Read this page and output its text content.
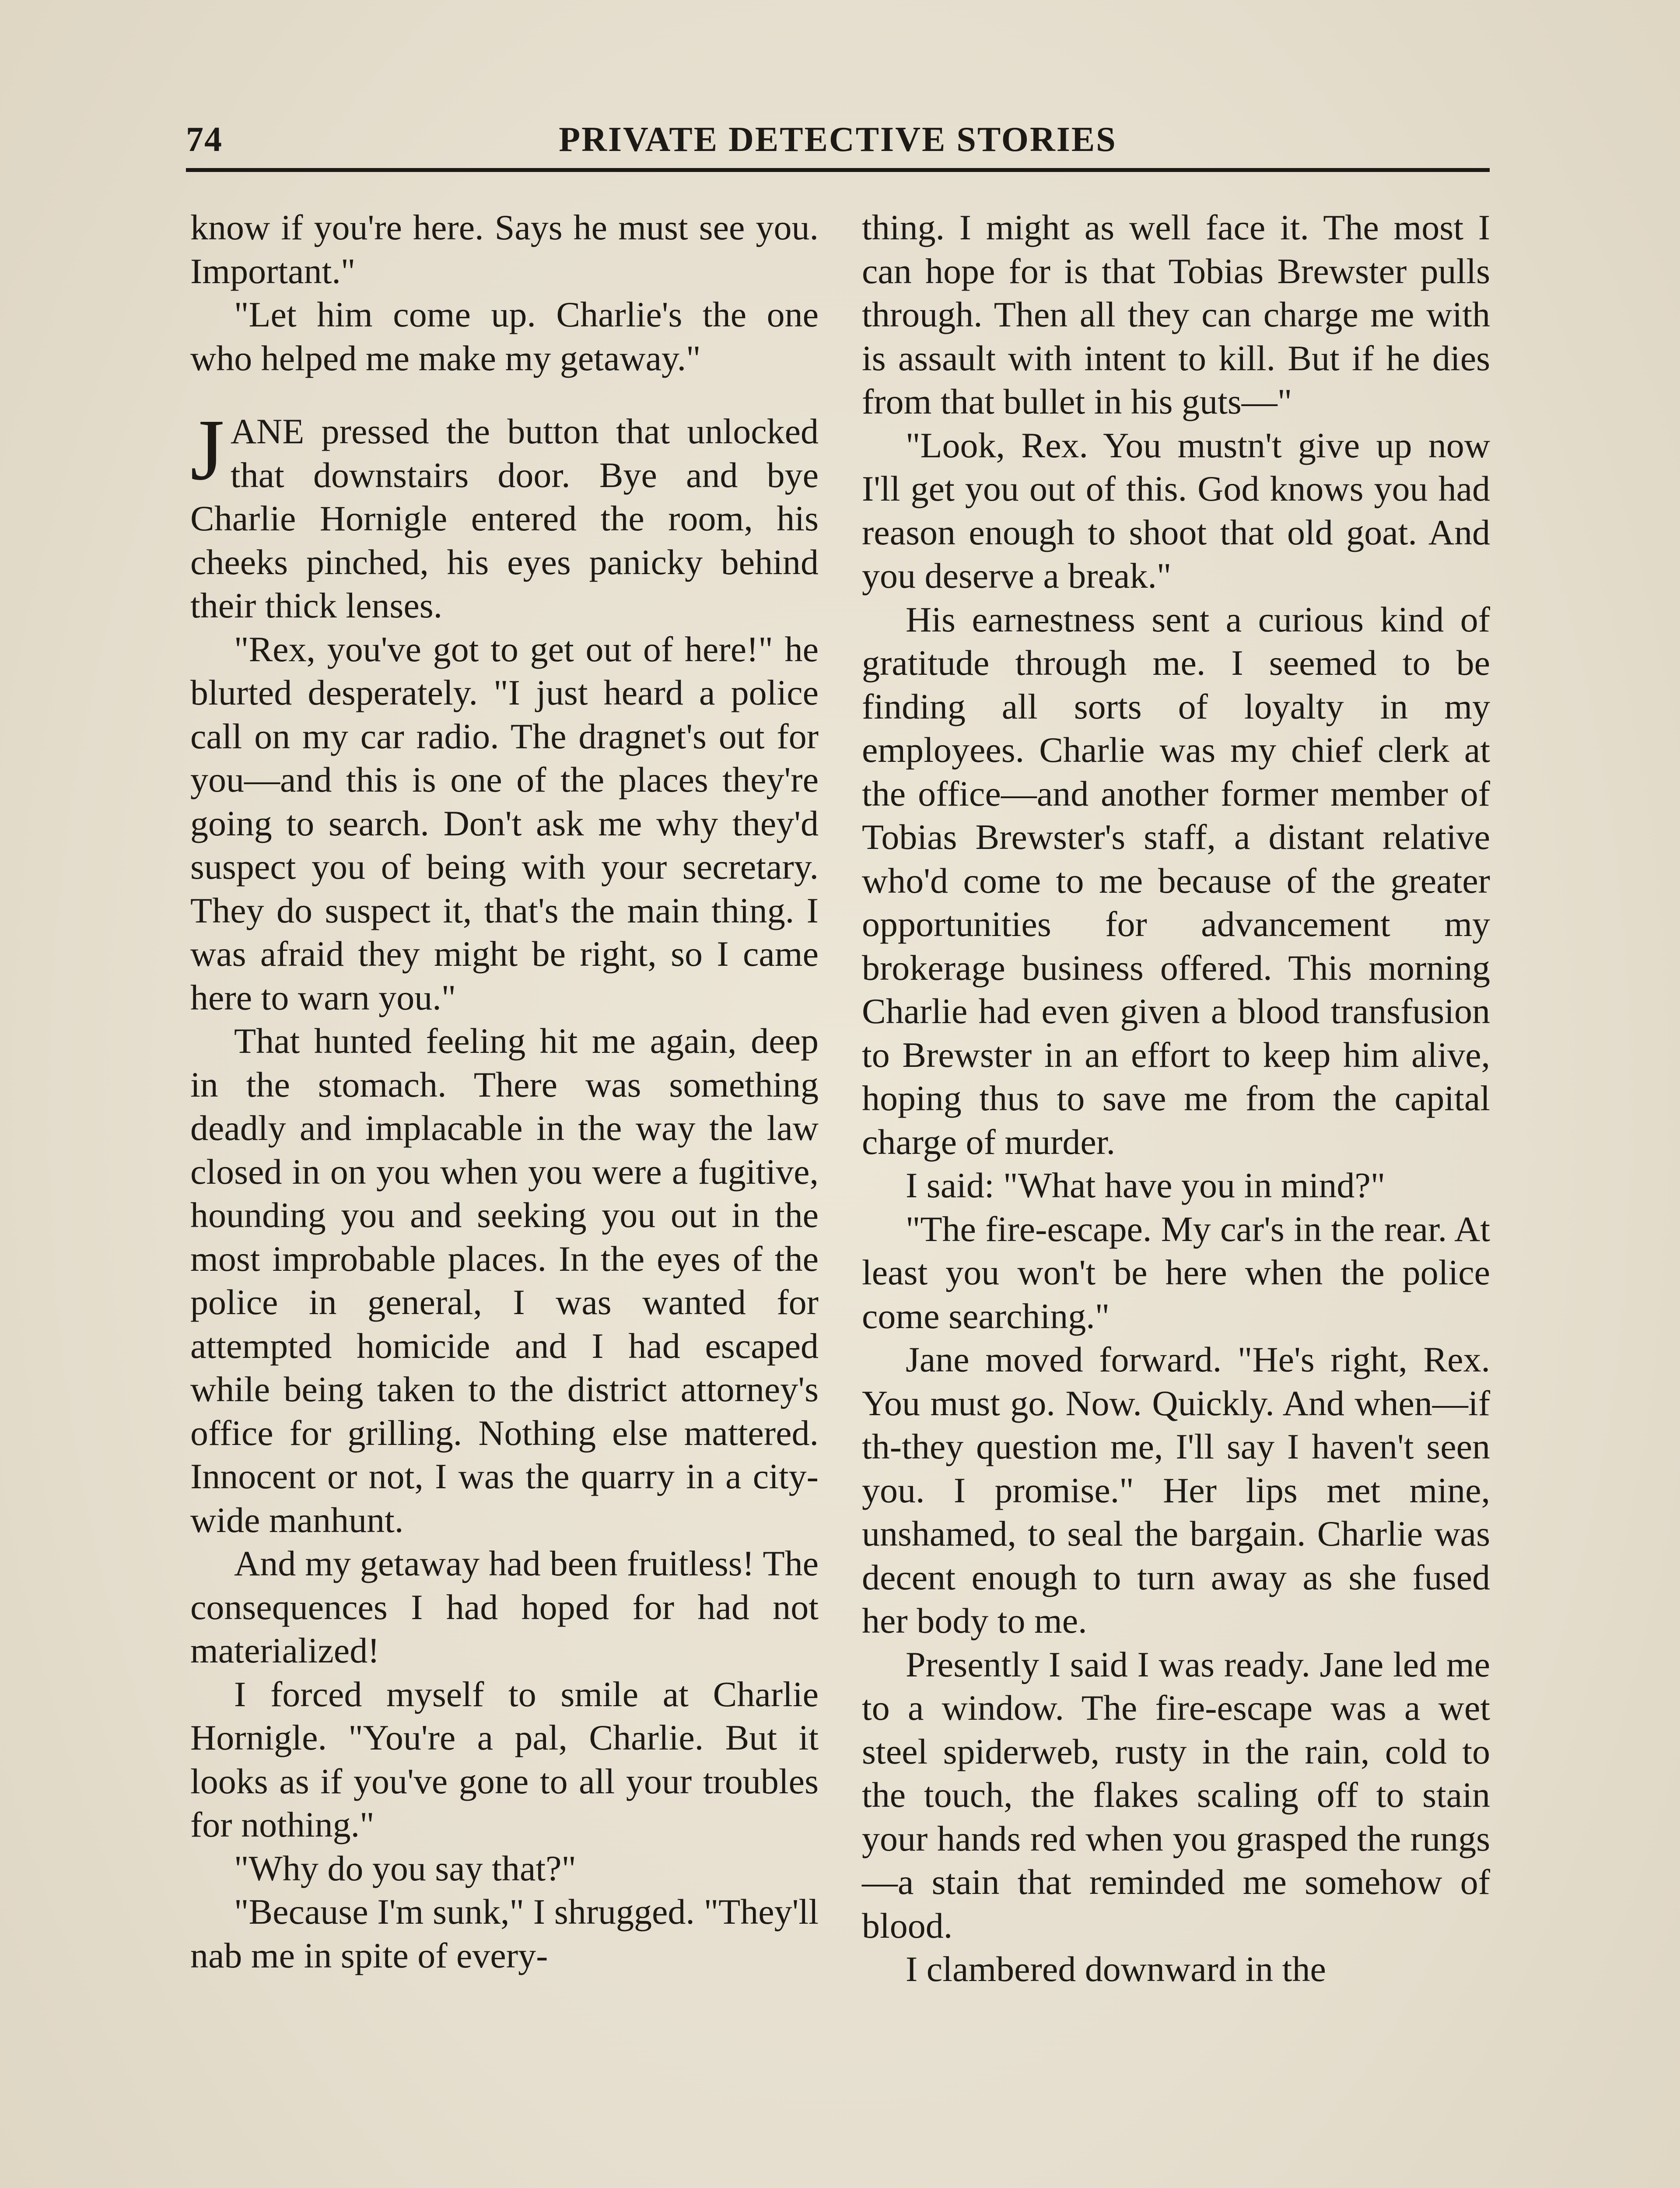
74	PRIVATE DETECTIVE STORIES

know if you're here. Says he must see you. Important."

"Let him come up. Charlie's the one who helped me make my getaway."

JANE pressed the button that unlocked that downstairs door. Bye and bye Charlie Hornigle entered the room, his cheeks pinched, his eyes panicky behind their thick lenses.

"Rex, you've got to get out of here!" he blurted desperately. "I just heard a police call on my car radio. The dragnet's out for you—and this is one of the places they're going to search. Don't ask me why they'd suspect you of being with your secretary. They do suspect it, that's the main thing. I was afraid they might be right, so I came here to warn you."

That hunted feeling hit me again, deep in the stomach. There was something deadly and implacable in the way the law closed in on you when you were a fugitive, hounding you and seeking you out in the most improbable places. In the eyes of the police in general, I was wanted for attempted homicide and I had escaped while being taken to the district attorney's office for grilling. Nothing else mattered. Innocent or not, I was the quarry in a city-wide manhunt.

And my getaway had been fruitless! The consequences I had hoped for had not materialized!

I forced myself to smile at Charlie Hornigle. "You're a pal, Charlie. But it looks as if you've gone to all your troubles for nothing."

"Why do you say that?"

"Because I'm sunk," I shrugged. "They'll nab me in spite of every-

thing. I might as well face it. The most I can hope for is that Tobias Brewster pulls through. Then all they can charge me with is assault with intent to kill. But if he dies from that bullet in his guts—"

"Look, Rex. You mustn't give up now I'll get you out of this. God knows you had reason enough to shoot that old goat. And you deserve a break."

His earnestness sent a curious kind of gratitude through me. I seemed to be finding all sorts of loyalty in my employees. Charlie was my chief clerk at the office—and another former member of Tobias Brewster's staff, a distant relative who'd come to me because of the greater opportunities for advancement my brokerage business offered. This morning Charlie had even given a blood transfusion to Brewster in an effort to keep him alive, hoping thus to save me from the capital charge of murder.

I said: "What have you in mind?"

"The fire-escape. My car's in the rear. At least you won't be here when the police come searching."

Jane moved forward. "He's right, Rex. You must go. Now. Quickly. And when—if th-they question me, I'll say I haven't seen you. I promise." Her lips met mine, unshamed, to seal the bargain. Charlie was decent enough to turn away as she fused her body to me.

Presently I said I was ready. Jane led me to a window. The fire-escape was a wet steel spiderweb, rusty in the rain, cold to the touch, the flakes scaling off to stain your hands red when you grasped the rungs—a stain that reminded me somehow of blood.

I clambered downward in the
